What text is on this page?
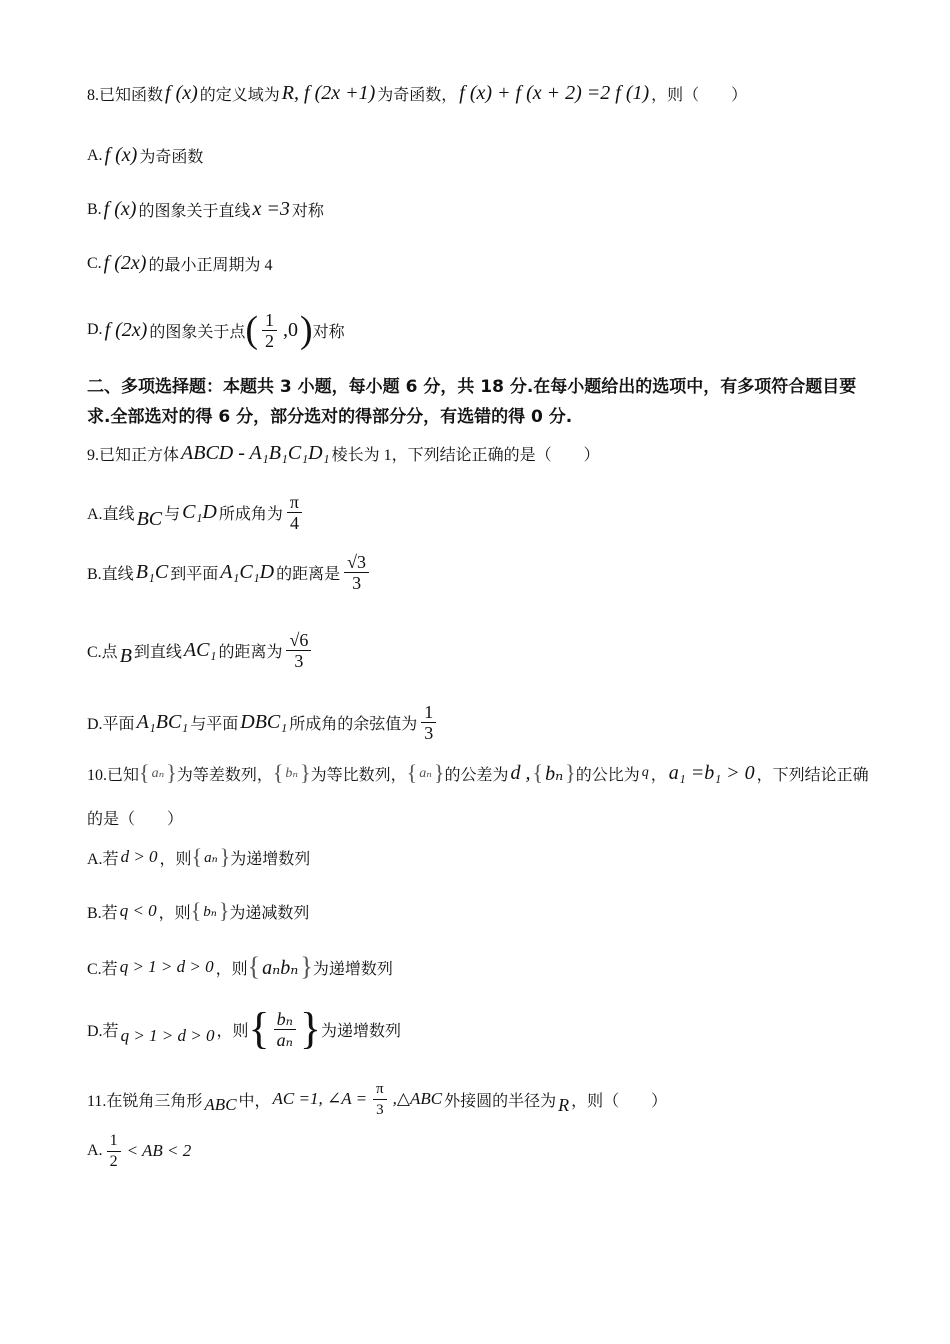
8.已知函数 f (x) 的定义域为 R, f (2x +1) 为奇函数， f (x) + f (x + 2) =2 f (1) ，则（　　）
A. f (x) 为奇函数
B. f (x) 的图象关于直线 x =3 对称
C. f (2x) 的最小正周期为 4
D. f (2x) 的图象关于点 ( $\frac{1}{2} ,0$ ) 对称
二、多项选择题：本题共 3 小题，每小题 6 分，共 18 分.在每小题给出的选项中，有多项符合题目要求.全部选对的得 6 分，部分选对的得部分分，有选错的得 0 分.
9.已知正方体 ABCD - A₁B₁C₁D₁ 棱长为 1，下列结论正确的是（　　）
A.直线 BC 与 C₁D 所成角为 $\frac{\pi}{4}$
B.直线 B₁C 到平面 A₁C₁D 的距离是 $\frac{√3}{3}$
C.点 B 到直线 AC₁ 的距离为 $\frac{√6}{3}$
D.平面 A₁BC₁ 与平面 DBC₁ 所成角的余弦值为 $\frac{1}{3}$
10.已知 { aₙ } 为等差数列， { bₙ } 为等比数列， { aₙ } 的公差为 d , { bₙ } 的公比为 q ， a₁ =b₁ > 0 ，下列结论正确
的是（　　）
A.若 d > 0 ，则 { aₙ } 为递增数列
B.若 q < 0 ，则 { bₙ } 为递减数列
C.若 q > 1 > d > 0 ，则 { aₙbₙ } 为递增数列
D.若 q > 1 > d > 0 ，则 { $\frac{\text{bₙ}}{\text{aₙ}}$ } 为递增数列
11.在锐角三角形 ABC 中， AC =1, ∠A = $\frac{\pi}{3}$ ,△ABC 外接圆的半径为 R ，则（　　）
A. $\frac{1}{2}$ < AB < 2
